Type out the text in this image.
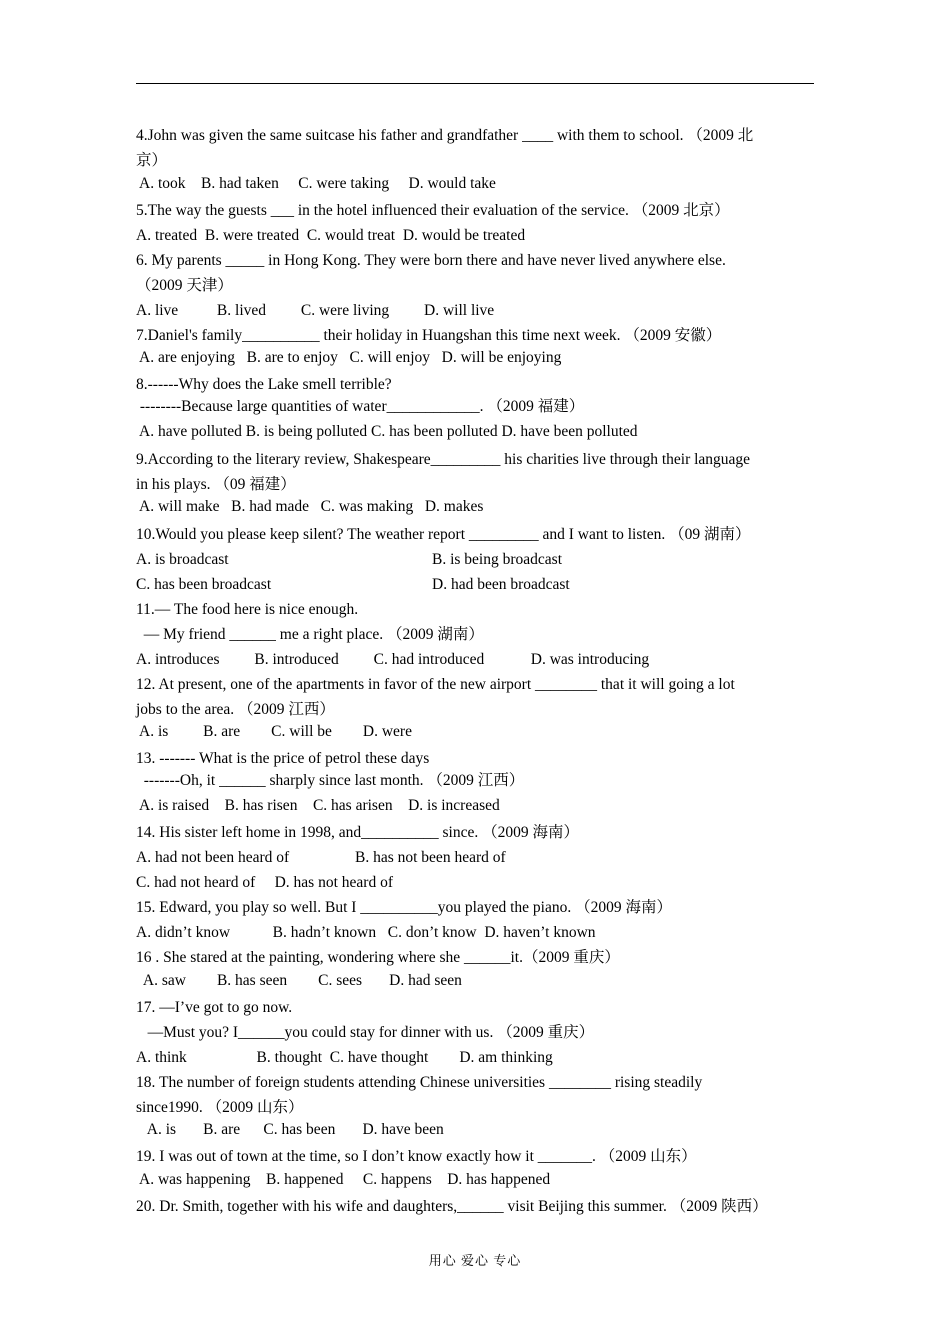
4.John was given the same suitcase his father and grandfather ____ with them to school. （2009 北
京）
A. took    B. had taken     C. were taking     D. would take
5.The way the guests ___ in the hotel influenced their evaluation of the service. （2009 北京）
A. treated  B. were treated  C. would treat  D. would be treated
6. My parents _____ in Hong Kong. They were born there and have never lived anywhere else.
（2009 天津）
A. live          B. lived         C. were living         D. will live
7.Daniel's family__________ their holiday in Huangshan this time next week. （2009 安徽）
A. are enjoying   B. are to enjoy   C. will enjoy   D. will be enjoying
8.------Why does the Lake smell terrible?
--------Because large quantities of water____________. （2009 福建）
A. have polluted B. is being polluted C. has been polluted D. have been polluted
9.According to the literary review, Shakespeare_________ his charities live through their language
in his plays. （09 福建）
A. will make   B. had made   C. was making   D. makes
10.Would you please keep silent? The weather report _________ and I want to listen. （09 湖南）
A. is broadcast	B. is being broadcast
C. has been broadcast	D. had been broadcast
11.— The food here is nice enough.
— My friend ______ me a right place. （2009 湖南）
A. introduces         B. introduced         C. had introduced            D. was introducing
12. At present, one of the apartments in favor of the new airport ________ that it will going a lot
jobs to the area. （2009 江西）
A. is         B. are        C. will be        D. were
13. ------- What is the price of petrol these days
-------Oh, it ______ sharply since last month. （2009 江西）
A. is raised    B. has risen    C. has arisen    D. is increased
14. His sister left home in 1998, and__________ since. （2009 海南）
A. had not been heard of	B. has not been heard of
C. had not heard of     D. has not heard of
15. Edward, you play so well. But I __________you played the piano. （2009 海南）
A. didn’t know           B. hadn’t known   C. don’t know  D. haven’t known
16 . She stared at the painting, wondering where she ______it.（2009 重庆）
A. saw        B. has seen        C. sees       D. had seen
17. —I’ve got to go now.
—Must you? I______you could stay for dinner with us. （2009 重庆）
A. think                  B. thought  C. have thought        D. am thinking
18. The number of foreign students attending Chinese universities ________ rising steadily
since1990. （2009 山东）
A. is       B. are      C. has been       D. have been
19. I was out of town at the time, so I don’t know exactly how it _______. （2009 山东）
A. was happening    B. happened     C. happens    D. has happened
20. Dr. Smith, together with his wife and daughters,______ visit Beijing this summer. （2009 陕西）
用心 爱心 专心
